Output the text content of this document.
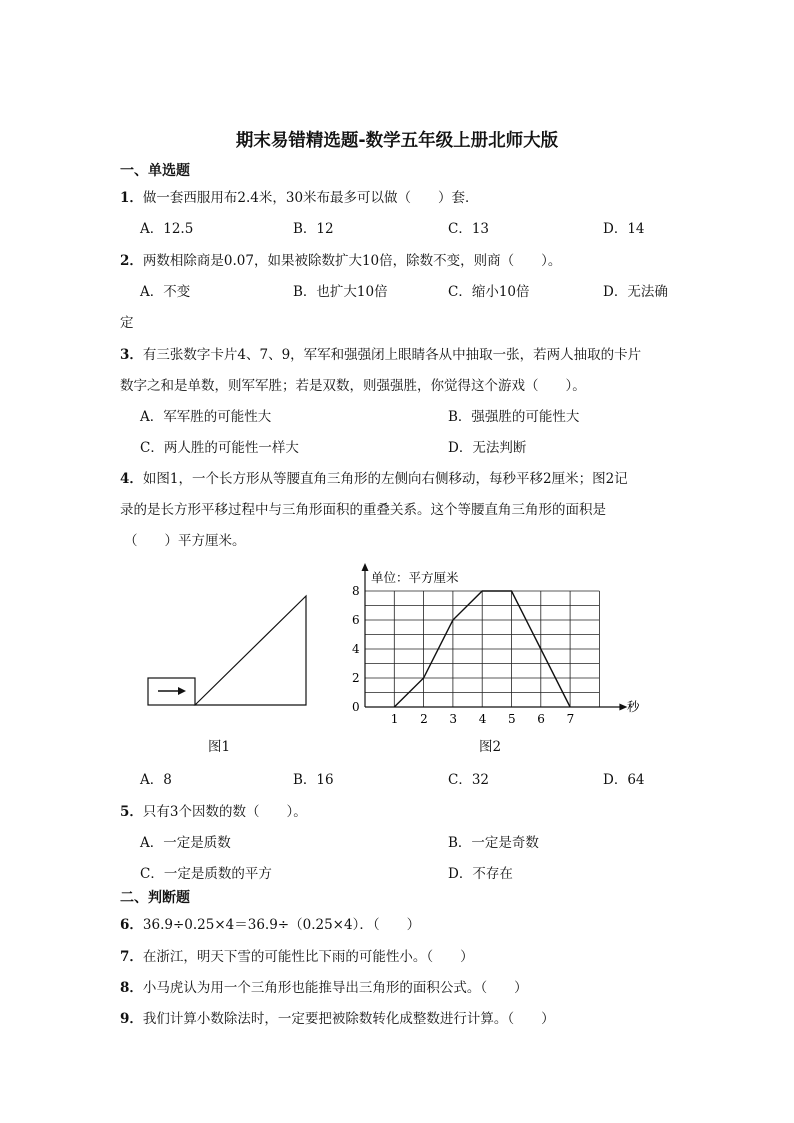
期末易错精选题-数学五年级上册北师大版
一、单选题
1．做一套西服用布2.4米，30米布最多可以做（　　）套．
A．12.5	B．12	C．13	D．14
2．两数相除商是0.07，如果被除数扩大10倍，除数不变，则商（　　）。
A．不变	B．也扩大10倍	C．缩小10倍	D．无法确
定
3．有三张数字卡片4、7、9，军军和强强闭上眼睛各从中抽取一张，若两人抽取的卡片
数字之和是单数，则军军胜；若是双数，则强强胜，你觉得这个游戏（　　）。
A．军军胜的可能性大	B．强强胜的可能性大
C．两人胜的可能性一样大	D．无法判断
4．如图1，一个长方形从等腰直角三角形的左侧向右侧移动，每秒平移2厘米；图2记
录的是长方形平移过程中与三角形面积的重叠关系。这个等腰直角三角形的面积是
（　　）平方厘米。
图1
单位：平方厘米
秒
0
2
4
6
8
1 2 3 4 5 6 7
图2
A．8	B．16	C．32	D．64
5．只有3个因数的数（　　）。
A．一定是质数	B．一定是奇数
C．一定是质数的平方	D．不存在
二、判断题
6．36.9÷0.25×4＝36.9÷（0.25×4）．（　　）
7．在浙江，明天下雪的可能性比下雨的可能性小。（　　）
8．小马虎认为用一个三角形也能推导出三角形的面积公式。（　　）
9．我们计算小数除法时，一定要把被除数转化成整数进行计算。（　　）
